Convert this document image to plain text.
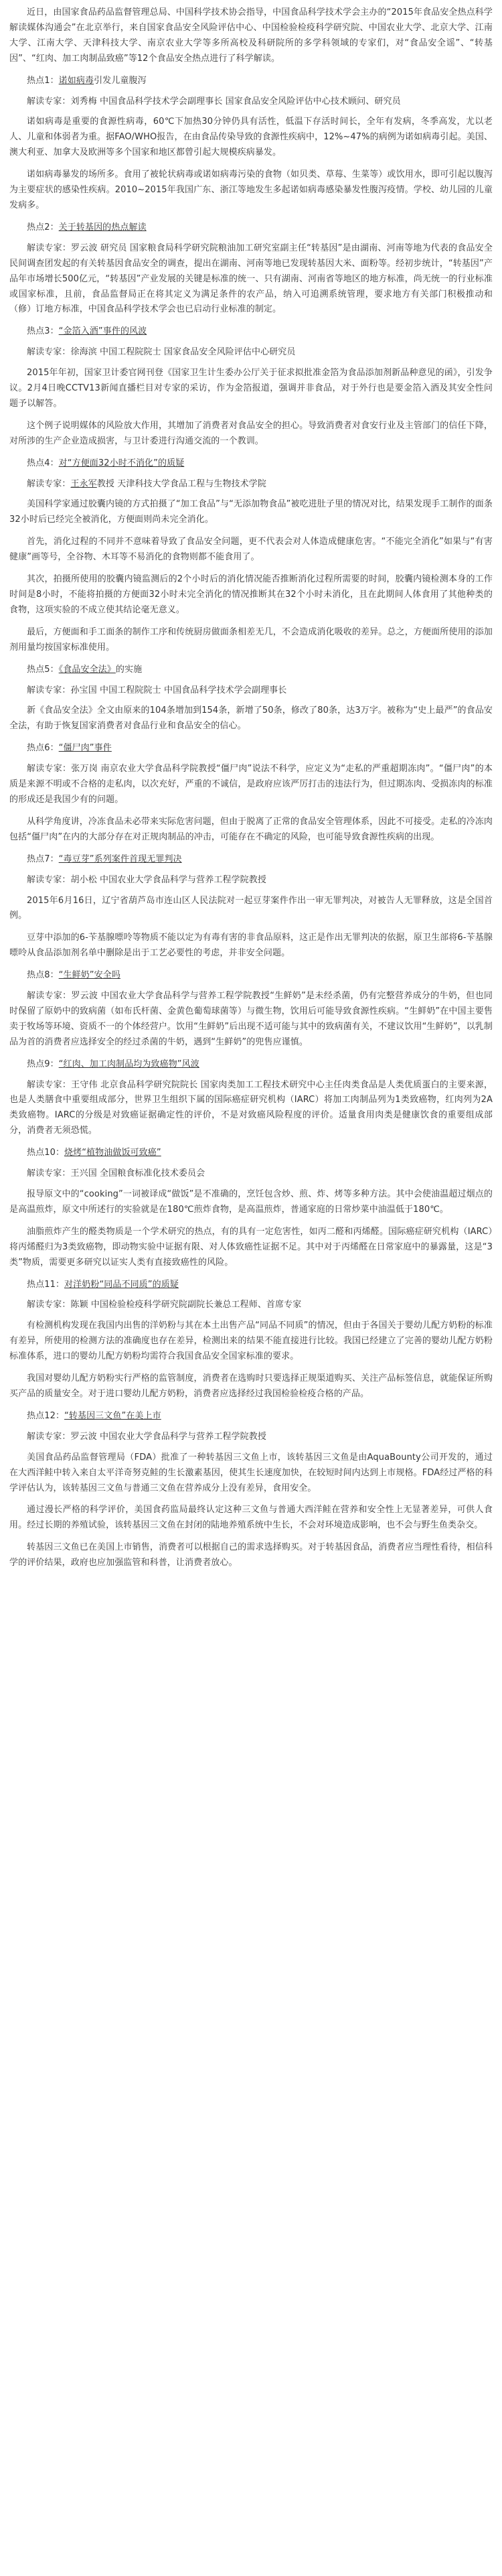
近日，由国家食品药品监督管理总局、中国科学技术协会指导，中国食品科学技术学会主办的“2015年食品安全热点科学解读媒体沟通会”在北京举行，来自国家食品安全风险评估中心、中国检验检疫科学研究院、中国农业大学、北京大学、江南大学、江南大学、天津科技大学、南京农业大学等多所高校及科研院所的多学科领域的专家们，对“食品安全谣”、“转基因”、“红肉、加工肉制品致癌”等12个食品安全热点进行了科学解读。

热点1：诺如病毒引发儿童腹泻

解读专家：刘秀梅 中国食品科学技术学会副理事长 国家食品安全风险评估中心技术顾问、研究员

诺如病毒是重要的食源性病毒，60℃下加热30分钟仍具有活性，低温下存活时间长，全年有发病，冬季高发，尤以老人、儿童和体弱者为重。据FAO/WHO报告，在由食品传染导致的食源性疾病中，12%~47%的病例为诺如病毒引起。美国、澳大利亚、加拿大及欧洲等多个国家和地区都曾引起大规模疾病暴发。

诺如病毒暴发的场所多。食用了被轮状病毒或诺如病毒污染的食物（如贝类、草莓、生菜等）或饮用水，即可引起以腹泻为主要症状的感染性疾病。2010~2015年我国广东、浙江等地发生多起诺如病毒感染暴发性腹泻疫情。学校、幼儿园的儿童发病多。

热点2：关于转基因的热点解读

解读专家：罗云波 研究员 国家粮食局科学研究院粮油加工研究室副主任“转基因”是由湖南、河南等地为代表的食品安全民间调查团发起的有关转基因食品安全的调查，提出在湖南、河南等地已发现转基因大米、面粉等。经初步统计，“转基因”产品年市场增长500亿元，“转基因”产业发展的关键是标准的统一、只有湖南、河南省等地区的地方标准，尚无统一的行业标准或国家标准，且前，食品监督局正在将其定义为满足条件的农产品，纳入可追溯系统管理，要求地方有关部门积极推动和（修）订地方标准，中国食品科学技术学会也已启动行业标准的制定。

热点3：“金箔入酒”事件的风波

解读专家：徐海滨 中国工程院院士 国家食品安全风险评估中心研究员

2015年年初，国家卫计委官网刊登《国家卫生计生委办公厅关于征求拟批准金箔为食品添加剂新品种意见的函》，引发争议。2月4日晚CCTV13新闻直播栏目对专家的采访，作为金箔报道，强调并非食品，对于外行也是要金箔入酒及其安全性问题予以解答。

这个例子说明媒体的风险放大作用，其增加了消费者对食品安全的担心。导致消费者对食安行业及主管部门的信任下降，对所涉的生产企业造成损害，与卫计委进行沟通交流的一个教训。

热点4：对“方便面32小时不消化”的质疑

解读专家：王永军教授 天津科技大学食品工程与生物技术学院

美国科学家通过胶囊内镜的方式拍摄了“加工食品”与“无添加物食品”被吃进肚子里的情况对比，结果发现手工制作的面条32小时后已经完全被消化，方便面则尚未完全消化。

首先，消化过程的不同并不意味着导致了食品安全问题，更不代表会对人体造成健康危害。“不能完全消化”如果与“有害健康”画等号，全谷物、木耳等不易消化的食物则都不能食用了。

其次，拍摄所使用的胶囊内镜监测后的2个小时后的消化情况能否推断消化过程所需要的时间，胶囊内镜检测本身的工作时间是8小时，不能将拍摄的方便面32小时未完全消化的情况推断其在32个小时未消化，且在此期间人体食用了其他种类的食物，这项实验的不成立使其结论毫无意义。

最后，方便面和手工面条的制作工序和传统厨房做面条相差无几，不会造成消化吸收的差异。总之，方便面所使用的添加剂用量均按国家标准使用。

热点5：《食品安全法》的实施

解读专家：孙宝国 中国工程院院士 中国食品科学技术学会副理事长

新《食品安全法》全文由原来的104条增加到154条，新增了50条，修改了80条，达3万字。被称为“史上最严”的食品安全法，有助于恢复国家消费者对食品行业和食品安全的信心。

热点6：“僵尸肉”事件

解读专家：张万岗 南京农业大学食品科学院教授“僵尸肉”说法不科学，应定义为“走私的严重超期冻肉”。“僵尸肉”的本质是来源不明或不合格的走私肉，以次充好，严重的不诚信，是政府应该严厉打击的违法行为，但过期冻肉、受损冻肉的标准的形成还是我国少有的问题。

从科学角度讲，冷冻食品未必带来实际危害问题，但由于脱离了正常的食品安全管理体系，因此不可接受。走私的冷冻肉包括“僵尸肉”在内的大部分存在对正规肉制品的冲击，可能存在不确定的风险，也可能导致食源性疾病的出现。

热点7：“毒豆芽”系列案件首现无罪判决

解读专家：胡小松 中国农业大学食品科学与营养工程学院教授

2015年6月16日，辽宁省葫芦岛市连山区人民法院对一起豆芽案件作出一审无罪判决，对被告人无罪释放，这是全国首例。

豆芽中添加的6-苄基腺嘌呤等物质不能以定为有毒有害的非食品原料，这正是作出无罪判决的依据，原卫生部将6-苄基腺嘌呤从食品添加剂名单中删除是出于工艺必要性的考虑，并非安全问题。

热点8：“生鲜奶”安全吗

解读专家：罗云波 中国农业大学食品科学与营养工程学院教授“生鲜奶”是未经杀菌，仍有完整营养成分的牛奶，但也同时保留了原奶中的致病菌（如布氏杆菌、金黄色葡萄球菌等）与微生物，饮用后可能导致食源性疾病。“生鲜奶”在中国主要售卖于牧场等环境、资质不一的个体经营户。饮用“生鲜奶”后出现不适可能与其中的致病菌有关，不建议饮用“生鲜奶”，以乳制品为首的消费者应选择安全的经过杀菌的牛奶，遇到“生鲜奶”的兜售应谨慎。

热点9：“红肉、加工肉制品均为致癌物”风波

解读专家：王守伟 北京食品科学研究院院长 国家肉类加工工程技术研究中心主任肉类食品是人类优质蛋白的主要来源，也是人类膳食中重要组成部分，世界卫生组织下属的国际癌症研究机构（IARC）将加工肉制品列为1类致癌物，红肉列为2A类致癌物。IARC的分级是对致癌证据确定性的评价，不是对致癌风险程度的评价。适量食用肉类是健康饮食的重要组成部分，消费者无须恐慌。

热点10：烧烤“植物油做饭可致癌”

解读专家：王兴国 全国粮食标准化技术委员会

报导原文中的“cooking”一词被译成“做饭”是不准确的，烹饪包含炒、煎、炸、烤等多种方法。其中会使油温超过烟点的是高温煎炸，原文中所述行的实验就是在180℃煎炸食物，是高温煎炸，普通家庭的日常炒菜中油温低于180℃。

油脂煎炸产生的醛类物质是一个学术研究的热点，有的具有一定危害性，如丙二醛和丙烯醛。国际癌症研究机构（IARC）将丙烯醛归为3类致癌物，即动物实验中证据有限、对人体致癌性证据不足。其中对于丙烯醛在日常家庭中的暴露量，这是“3类”物质，需要更多研究以证实人类有直接致癌性的风险。

热点11：对洋奶粉“同品不同质”的质疑

解读专家：陈颖 中国检验检疫科学研究院副院长兼总工程师、首席专家

有检测机构发现在我国内出售的洋奶粉与其在本土出售产品“同品不同质”的情况，但由于各国关于婴幼儿配方奶粉的标准有差异，所使用的检测方法的准确度也存在差异，检测出来的结果不能直接进行比较。我国已经建立了完善的婴幼儿配方奶粉标准体系，进口的婴幼儿配方奶粉均需符合我国食品安全国家标准的要求。

我国对婴幼儿配方奶粉实行严格的监管制度，消费者在选购时只要选择正规渠道购买、关注产品标签信息，就能保证所购买产品的质量安全。对于进口婴幼儿配方奶粉，消费者应选择经过我国检验检疫合格的产品。

热点12：“转基因三文鱼”在美上市

解读专家：罗云波 中国农业大学食品科学与营养工程学院教授

美国食品药品监督管理局（FDA）批准了一种转基因三文鱼上市，该转基因三文鱼是由AquaBounty公司开发的，通过在大西洋鲑中转入来自太平洋奇努克鲑的生长激素基因，使其生长速度加快，在较短时间内达到上市规格。FDA经过严格的科学评估认为，该转基因三文鱼与普通三文鱼在营养成分上没有差异，食用安全。

通过漫长严格的科学评价，美国食药监局最终认定这种三文鱼与普通大西洋鲑在营养和安全性上无显著差异，可供人食用。经过长期的养殖试验，该转基因三文鱼在封闭的陆地养殖系统中生长，不会对环境造成影响，也不会与野生鱼类杂交。

转基因三文鱼已在美国上市销售，消费者可以根据自己的需求选择购买。对于转基因食品，消费者应当理性看待，相信科学的评价结果，政府也应加强监管和科普，让消费者放心。
